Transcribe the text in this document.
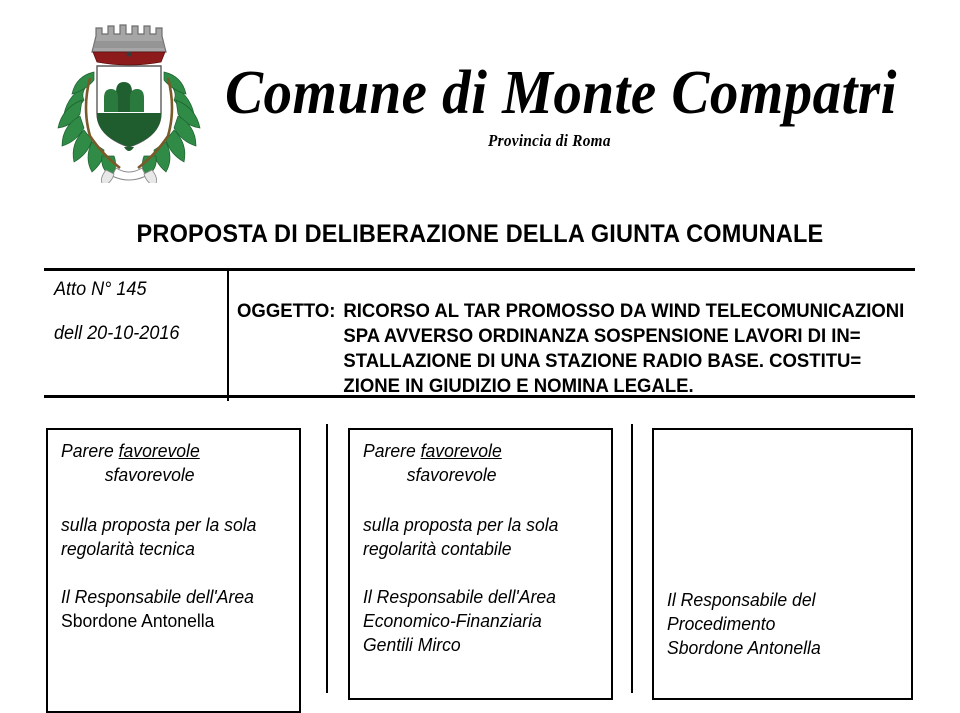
Comune di Monte Compatri
Provincia di Roma
PROPOSTA DI DELIBERAZIONE DELLA GIUNTA COMUNALE
Atto N° 145
dell 20-10-2016
OGGETTO: RICORSO AL TAR PROMOSSO DA WIND TELECOMUNICAZIONI
SPA AVVERSO ORDINANZA SOSPENSIONE LAVORI DI IN=
STALLAZIONE DI UNA STAZIONE RADIO BASE. COSTITU=
ZIONE IN GIUDIZIO E NOMINA LEGALE.
Parere favorevole
sfavorevole
sulla proposta per la sola
regolarità tecnica
Il Responsabile dell'Area
Sbordone Antonella
Parere favorevole
sfavorevole
sulla proposta per la sola
regolarità contabile
Il Responsabile dell'Area
Economico-Finanziaria
Gentili Mirco
Il Responsabile del
Procedimento
Sbordone Antonella
